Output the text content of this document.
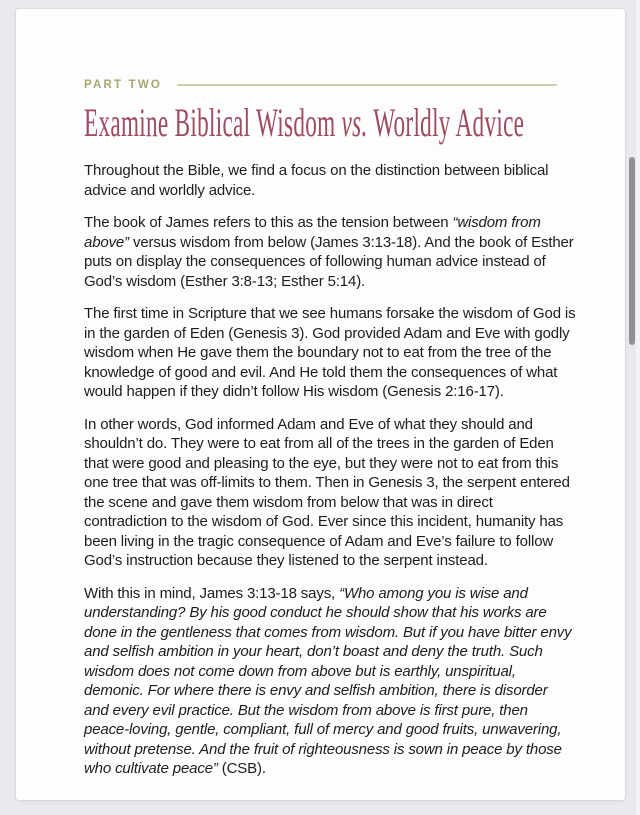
PART TWO
Examine Biblical Wisdom vs. Worldly Advice

Throughout the Bible, we find a focus on the distinction between biblical advice and worldly advice.

The book of James refers to this as the tension between “wisdom from above” versus wisdom from below (James 3:13-18). And the book of Esther puts on display the consequences of following human advice instead of God’s wisdom (Esther 3:8-13; Esther 5:14).

The first time in Scripture that we see humans forsake the wisdom of God is in the garden of Eden (Genesis 3). God provided Adam and Eve with godly wisdom when He gave them the boundary not to eat from the tree of the knowledge of good and evil. And He told them the consequences of what would happen if they didn’t follow His wisdom (Genesis 2:16-17).

In other words, God informed Adam and Eve of what they should and shouldn’t do. They were to eat from all of the trees in the garden of Eden that were good and pleasing to the eye, but they were not to eat from this one tree that was off-limits to them. Then in Genesis 3, the serpent entered the scene and gave them wisdom from below that was in direct contradiction to the wisdom of God. Ever since this incident, humanity has been living in the tragic consequence of Adam and Eve’s failure to follow God’s instruction because they listened to the serpent instead.

With this in mind, James 3:13-18 says, “Who among you is wise and understanding? By his good conduct he should show that his works are done in the gentleness that comes from wisdom. But if you have bitter envy and selfish ambition in your heart, don’t boast and deny the truth. Such wisdom does not come down from above but is earthly, unspiritual, demonic. For where there is envy and selfish ambition, there is disorder and every evil practice. But the wisdom from above is first pure, then peace-loving, gentle, compliant, full of mercy and good fruits, unwavering, without pretense. And the fruit of righteousness is sown in peace by those who cultivate peace” (CSB).
